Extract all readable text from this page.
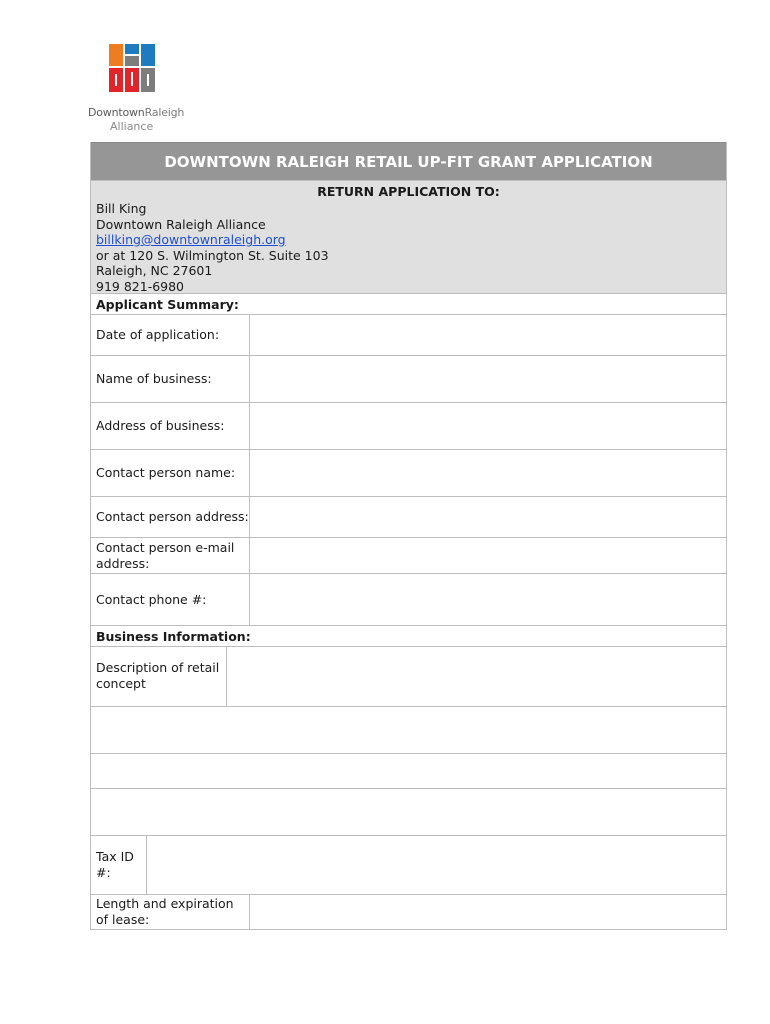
DowntownRaleigh
Alliance
DOWNTOWN RALEIGH RETAIL UP-FIT GRANT APPLICATION
RETURN APPLICATION TO:
Bill King
Downtown Raleigh Alliance
billking@downtownraleigh.org
or at 120 S. Wilmington St. Suite 103
Raleigh, NC 27601
919 821-6980
Applicant Summary:
Date of application:
Name of business:
Address of business:
Contact person name:
Contact person address:
Contact person e-mail address:
Contact phone #:
Business Information:
Description of retail concept
Tax ID #:
Length and expiration of lease:
